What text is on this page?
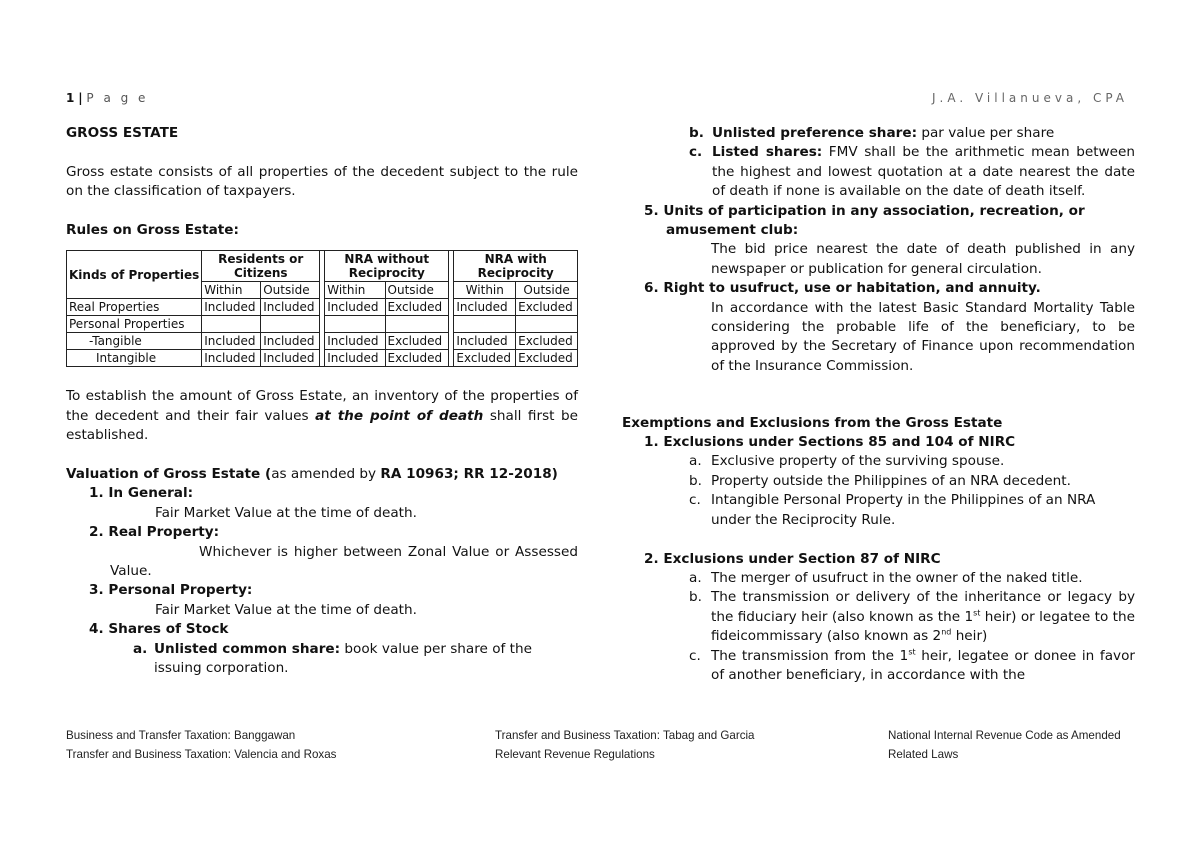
1 | P a g e	J.A. Villanueva, CPA

GROSS ESTATE

Gross estate consists of all properties of the decedent subject to the rule on the classification of taxpayers.

Rules on Gross Estate:

Kinds of Properties	Residents or Citizens			NRA without Reciprocity			NRA with Reciprocity	
	Within	Outside		Within	Outside		Within	Outside
Real Properties	Included	Included		Included	Excluded		Included	Excluded
Personal Properties								
-Tangible	Included	Included		Included	Excluded		Included	Excluded
Intangible	Included	Included		Included	Excluded		Excluded	Excluded

To establish the amount of Gross Estate, an inventory of the properties of the decedent and their fair values at the point of death shall first be established.

Valuation of Gross Estate (as amended by RA 10963; RR 12-2018)

1. In General:

Fair Market Value at the time of death.

2. Real Property:

Whichever is higher between Zonal Value or Assessed Value.

3. Personal Property:

Fair Market Value at the time of death.

4. Shares of Stock

a. Unlisted common share: book value per share of the issuing corporation.
b. Unlisted preference share: par value per share
c. Listed shares: FMV shall be the arithmetic mean between the highest and lowest quotation at a date nearest the date of death if none is available on the date of death itself.

5. Units of participation in any association, recreation, or amusement club:

The bid price nearest the date of death published in any newspaper or publication for general circulation.

6. Right to usufruct, use or habitation, and annuity.

In accordance with the latest Basic Standard Mortality Table considering the probable life of the beneficiary, to be approved by the Secretary of Finance upon recommendation of the Insurance Commission.

Exemptions and Exclusions from the Gross Estate

1. Exclusions under Sections 85 and 104 of NIRC

a. Exclusive property of the surviving spouse.
b. Property outside the Philippines of an NRA decedent.
c. Intangible Personal Property in the Philippines of an NRA under the Reciprocity Rule.

2. Exclusions under Section 87 of NIRC

a. The merger of usufruct in the owner of the naked title.
b. The transmission or delivery of the inheritance or legacy by the fiduciary heir (also known as the 1st heir) or legatee to the fideicommissary (also known as 2nd heir)
c. The transmission from the 1st heir, legatee or donee in favor of another beneficiary, in accordance with the
Business and Transfer Taxation: Banggawan
Transfer and Business Taxation: Valencia and Roxas
Transfer and Business Taxation: Tabag and Garcia
Relevant Revenue Regulations
National Internal Revenue Code as Amended
Related Laws
